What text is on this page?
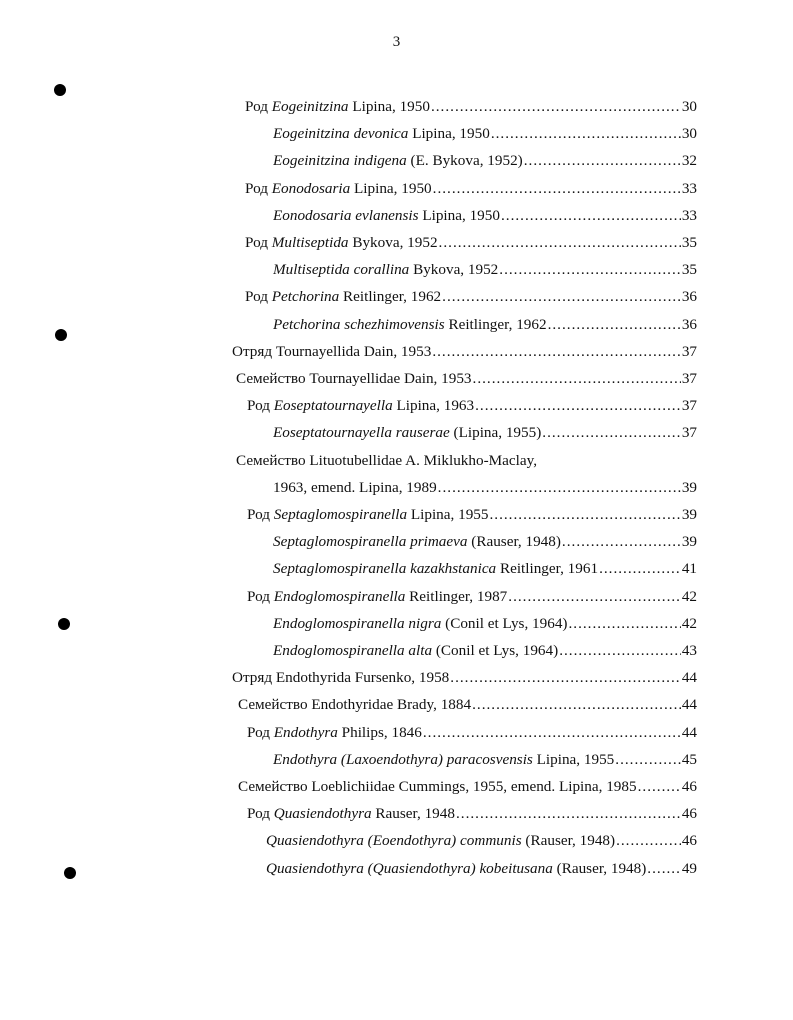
3
Род Eogeinitzina Lipina, 1950	30
.....
Eogeinitzina devonica Lipina, 1950	30
.....
Eogeinitzina indigena (E. Bykova, 1952)	32
.....
Род Eonodosaria Lipina, 1950	33
.....
Eonodosaria evlanensis Lipina, 1950	33
.....
Род Multiseptida Bykova, 1952	35
.....
Multiseptida corallina Bykova, 1952	35
.....
Род Petchorina Reitlinger, 1962	36
.....
Petchorina schezhimovensis Reitlinger, 1962	36
.....
Отряд Tournayellida Dain, 1953	37
.....
Семейство Tournayellidae Dain, 1953	37
.....
Род Eoseptatournayella Lipina, 1963	37
.....
Eoseptatournayella rauserae (Lipina, 1955)	37
.....
Семейство Lituotubellidae A. Miklukho-Maclay,
1963, emend. Lipina, 1989	39
.....
Род Septaglomospiranella Lipina, 1955	39
.....
Septaglomospiranella primaeva (Rauser, 1948)	39
.....
Septaglomospiranella kazakhstanica Reitlinger, 1961	41
.....
Род Endoglomospiranella Reitlinger, 1987	42
.....
Endoglomospiranella nigra (Conil et Lys, 1964)	42
.....
Endoglomospiranella alta (Conil et Lys, 1964)	43
.....
Отряд Endothyrida Fursenko, 1958	44
.....
Семейство Endothyridae Brady, 1884	44
.....
Род Endothyra Philips, 1846	44
.....
Endothyra (Laxoendothyra) paracosvensis Lipina, 1955	45
.....
Семейство Loeblichiidae Cummings, 1955, emend. Lipina, 1985	46
.....
Род Quasiendothyra Rauser, 1948	46
.....
Quasiendothyra (Eoendothyra) communis (Rauser, 1948)	46
.....
Quasiendothyra (Quasiendothyra) kobeitusana (Rauser, 1948) 49
.....
